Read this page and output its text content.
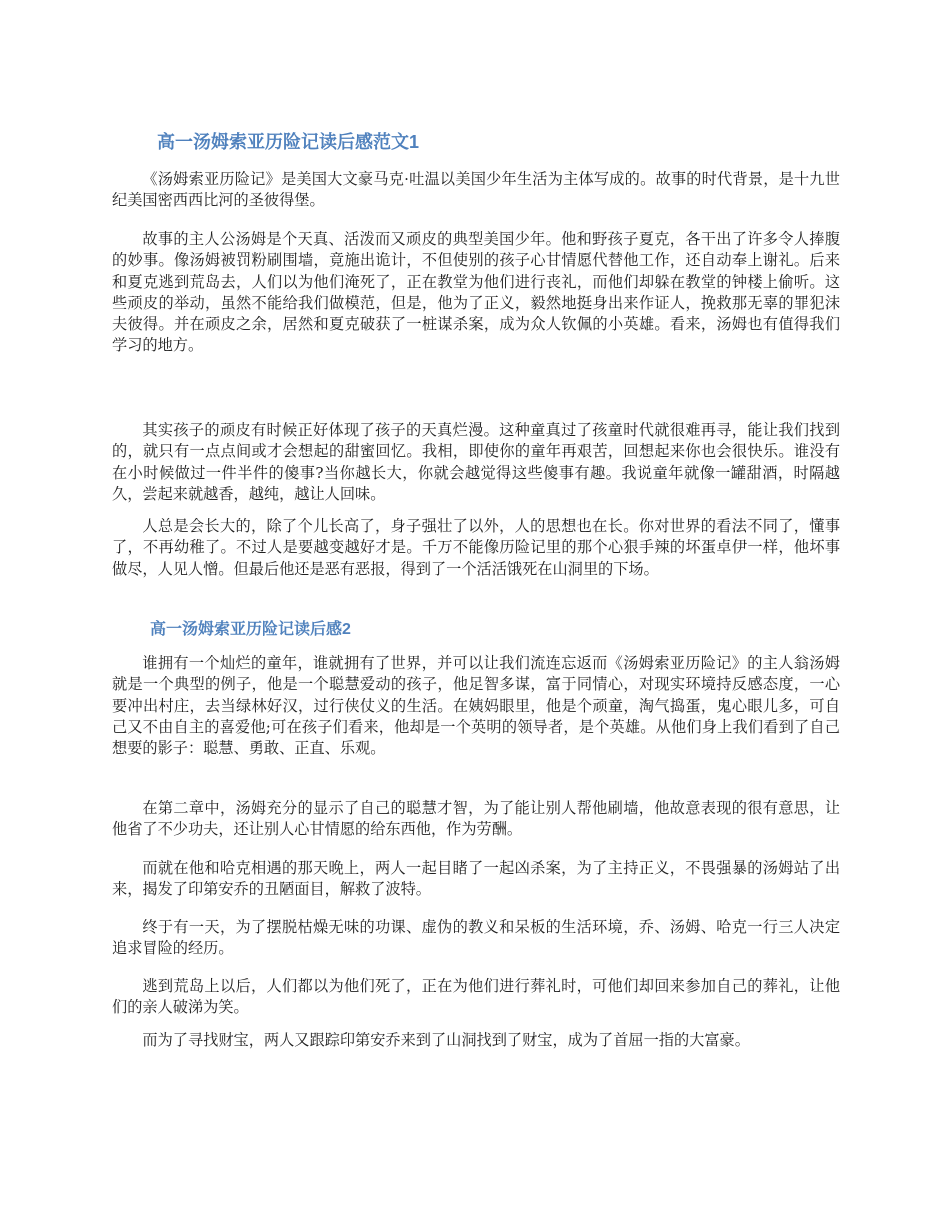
高一汤姆索亚历险记读后感范文1

《汤姆索亚历险记》是美国大文豪马克·吐温以美国少年生活为主体写成的。故事的时代背景，是十九世纪美国密西西比河的圣彼得堡。

故事的主人公汤姆是个天真、活泼而又顽皮的典型美国少年。他和野孩子夏克，各干出了许多令人捧腹的妙事。像汤姆被罚粉刷围墙，竟施出诡计，不但使别的孩子心甘情愿代替他工作，还自动奉上谢礼。后来和夏克逃到荒岛去，人们以为他们淹死了，正在教堂为他们进行丧礼，而他们却躲在教堂的钟楼上偷听。这些顽皮的举动，虽然不能给我们做模范，但是，他为了正义，毅然地挺身出来作证人，挽救那无辜的罪犯沫夫彼得。并在顽皮之余，居然和夏克破获了一桩谋杀案，成为众人钦佩的小英雄。看来，汤姆也有值得我们学习的地方。

其实孩子的顽皮有时候正好体现了孩子的天真烂漫。这种童真过了孩童时代就很难再寻，能让我们找到的，就只有一点点间或才会想起的甜蜜回忆。我相，即使你的童年再艰苦，回想起来你也会很快乐。谁没有在小时候做过一件半件的傻事?当你越长大，你就会越觉得这些傻事有趣。我说童年就像一罐甜酒，时隔越久，尝起来就越香，越纯，越让人回味。

人总是会长大的，除了个儿长高了，身子强壮了以外，人的思想也在长。你对世界的看法不同了，懂事了，不再幼稚了。不过人是要越变越好才是。千万不能像历险记里的那个心狠手辣的坏蛋卓伊一样，他坏事做尽，人见人憎。但最后他还是恶有恶报，得到了一个活活饿死在山洞里的下场。

高一汤姆索亚历险记读后感2

谁拥有一个灿烂的童年，谁就拥有了世界，并可以让我们流连忘返而《汤姆索亚历险记》的主人翁汤姆就是一个典型的例子，他是一个聪慧爱动的孩子，他足智多谋，富于同情心，对现实环境持反感态度，一心要冲出村庄，去当绿林好汉，过行侠仗义的生活。在姨妈眼里，他是个顽童，淘气捣蛋，鬼心眼儿多，可自己又不由自主的喜爱他;可在孩子们看来，他却是一个英明的领导者，是个英雄。从他们身上我们看到了自己想要的影子：聪慧、勇敢、正直、乐观。

在第二章中，汤姆充分的显示了自己的聪慧才智，为了能让别人帮他刷墙，他故意表现的很有意思，让他省了不少功夫，还让别人心甘情愿的给东西他，作为劳酬。

而就在他和哈克相遇的那天晚上，两人一起目睹了一起凶杀案，为了主持正义，不畏强暴的汤姆站了出来，揭发了印第安乔的丑陋面目，解救了波特。

终于有一天，为了摆脱枯燥无味的功课、虚伪的教义和呆板的生活环境，乔、汤姆、哈克一行三人决定追求冒险的经历。

逃到荒岛上以后，人们都以为他们死了，正在为他们进行葬礼时，可他们却回来参加自己的葬礼，让他们的亲人破涕为笑。

而为了寻找财宝，两人又跟踪印第安乔来到了山洞找到了财宝，成为了首屈一指的大富豪。
